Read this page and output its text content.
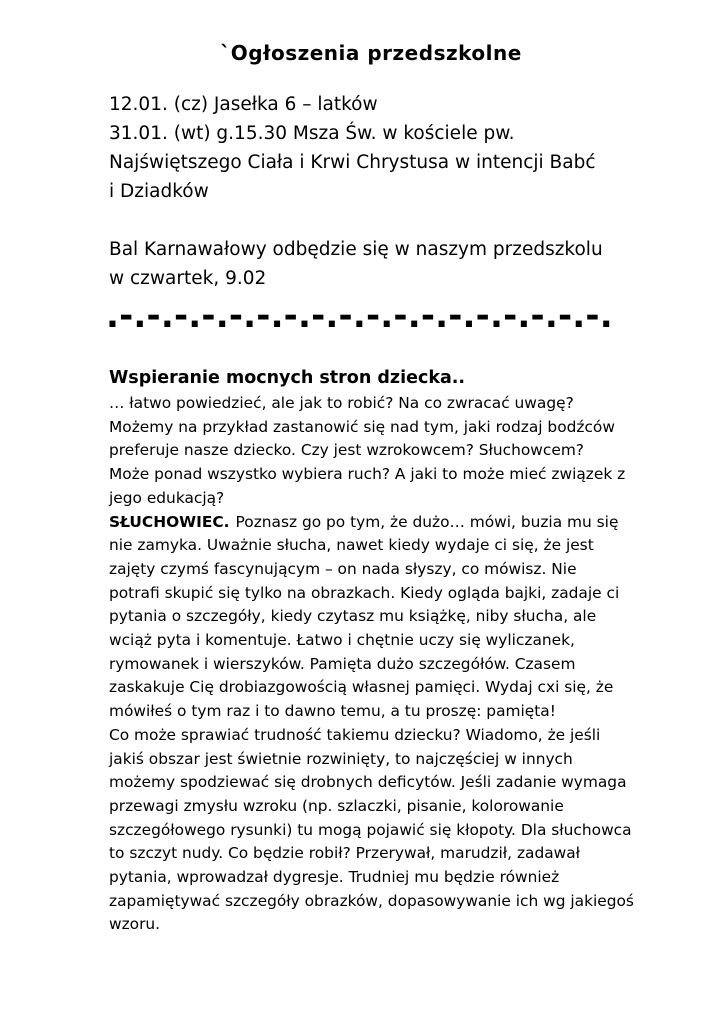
`Ogłoszenia przedszkolne
12.01. (cz) Jasełka 6 – latków
31.01. (wt) g.15.30 Msza Św. w kościele pw.
Najświętszego Ciała i Krwi Chrystusa w intencji Babć
i Dziadków
Bal Karnawałowy odbędzie się w naszym przedszkolu
w czwartek, 9.02
.-.-.-.-.-.-.-.-.-.-.-.-.-.-.-.-.-.-.
Wspieranie mocnych stron dziecka..
… łatwo powiedzieć, ale jak to robić? Na co zwracać uwagę?
Możemy na przykład zastanowić się nad tym, jaki rodzaj bodźców
preferuje nasze dziecko. Czy jest wzrokowcem? Słuchowcem?
Może ponad wszystko wybiera ruch? A jaki to może mieć związek z
jego edukacją?
SŁUCHOWIEC. Poznasz go po tym, że dużo… mówi, buzia mu się
nie zamyka. Uważnie słucha, nawet kiedy wydaje ci się, że jest
zajęty czymś fascynującym – on nada słyszy, co mówisz. Nie
potrafi skupić się tylko na obrazkach. Kiedy ogląda bajki, zadaje ci
pytania o szczegóły, kiedy czytasz mu książkę, niby słucha, ale
wciąż pyta i komentuje. Łatwo i chętnie uczy się wyliczanek,
rymowanek i wierszyków. Pamięta dużo szczegółów. Czasem
zaskakuje Cię drobiazgowością własnej pamięci. Wydaj cxi się, że
mówiłeś o tym raz i to dawno temu, a tu proszę: pamięta!
Co może sprawiać trudność takiemu dziecku? Wiadomo, że jeśli
jakiś obszar jest świetnie rozwinięty, to najczęściej w innych
możemy spodziewać się drobnych deficytów. Jeśli zadanie wymaga
przewagi zmysłu wzroku (np. szlaczki, pisanie, kolorowanie
szczegółowego rysunki) tu mogą pojawić się kłopoty. Dla słuchowca
to szczyt nudy. Co będzie robił? Przerywał, marudził, zadawał
pytania, wprowadzał dygresje. Trudniej mu będzie również
zapamiętywać szczegóły obrazków, dopasowywanie ich wg jakiegoś
wzoru.
